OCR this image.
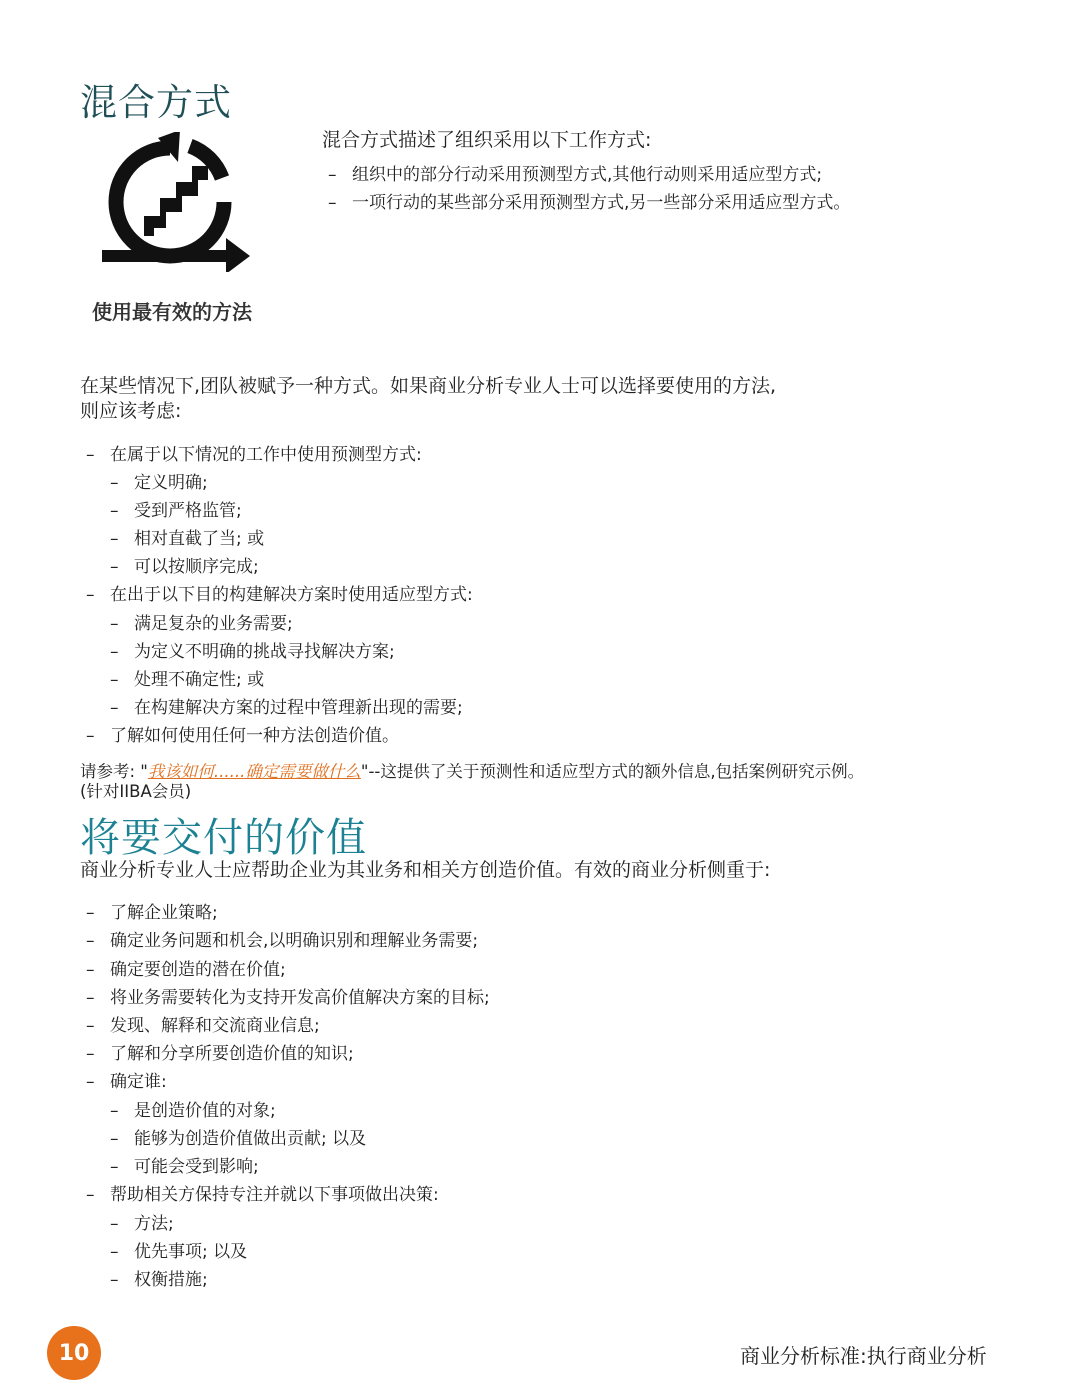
混合方式
使用最有效的方法
混合方式描述了组织采用以下工作方式:
– 组织中的部分行动采用预测型方式,其他行动则采用适应型方式;
– 一项行动的某些部分采用预测型方式,另一些部分采用适应型方式。
在某些情况下,团队被赋予一种方式。如果商业分析专业人士可以选择要使用的方法,
则应该考虑:
– 在属于以下情况的工作中使用预测型方式:
– 定义明确;
– 受到严格监管;
– 相对直截了当; 或
– 可以按顺序完成;
– 在出于以下目的构建解决方案时使用适应型方式:
– 满足复杂的业务需要;
– 为定义不明确的挑战寻找解决方案;
– 处理不确定性; 或
– 在构建解决方案的过程中管理新出现的需要;
– 了解如何使用任何一种方法创造价值。
请参考: "我该如何......确定需要做什么"--这提供了关于预测性和适应型方式的额外信息,包括案例研究示例。
(针对IIBA会员)
将要交付的价值
商业分析专业人士应帮助企业为其业务和相关方创造价值。有效的商业分析侧重于:
– 了解企业策略;
– 确定业务问题和机会,以明确识别和理解业务需要;
– 确定要创造的潜在价值;
– 将业务需要转化为支持开发高价值解决方案的目标;
– 发现、解释和交流商业信息;
– 了解和分享所要创造价值的知识;
– 确定谁:
– 是创造价值的对象;
– 能够为创造价值做出贡献; 以及
– 可能会受到影响;
– 帮助相关方保持专注并就以下事项做出决策:
– 方法;
– 优先事项; 以及
– 权衡措施;
10	商业分析标准:执行商业分析
